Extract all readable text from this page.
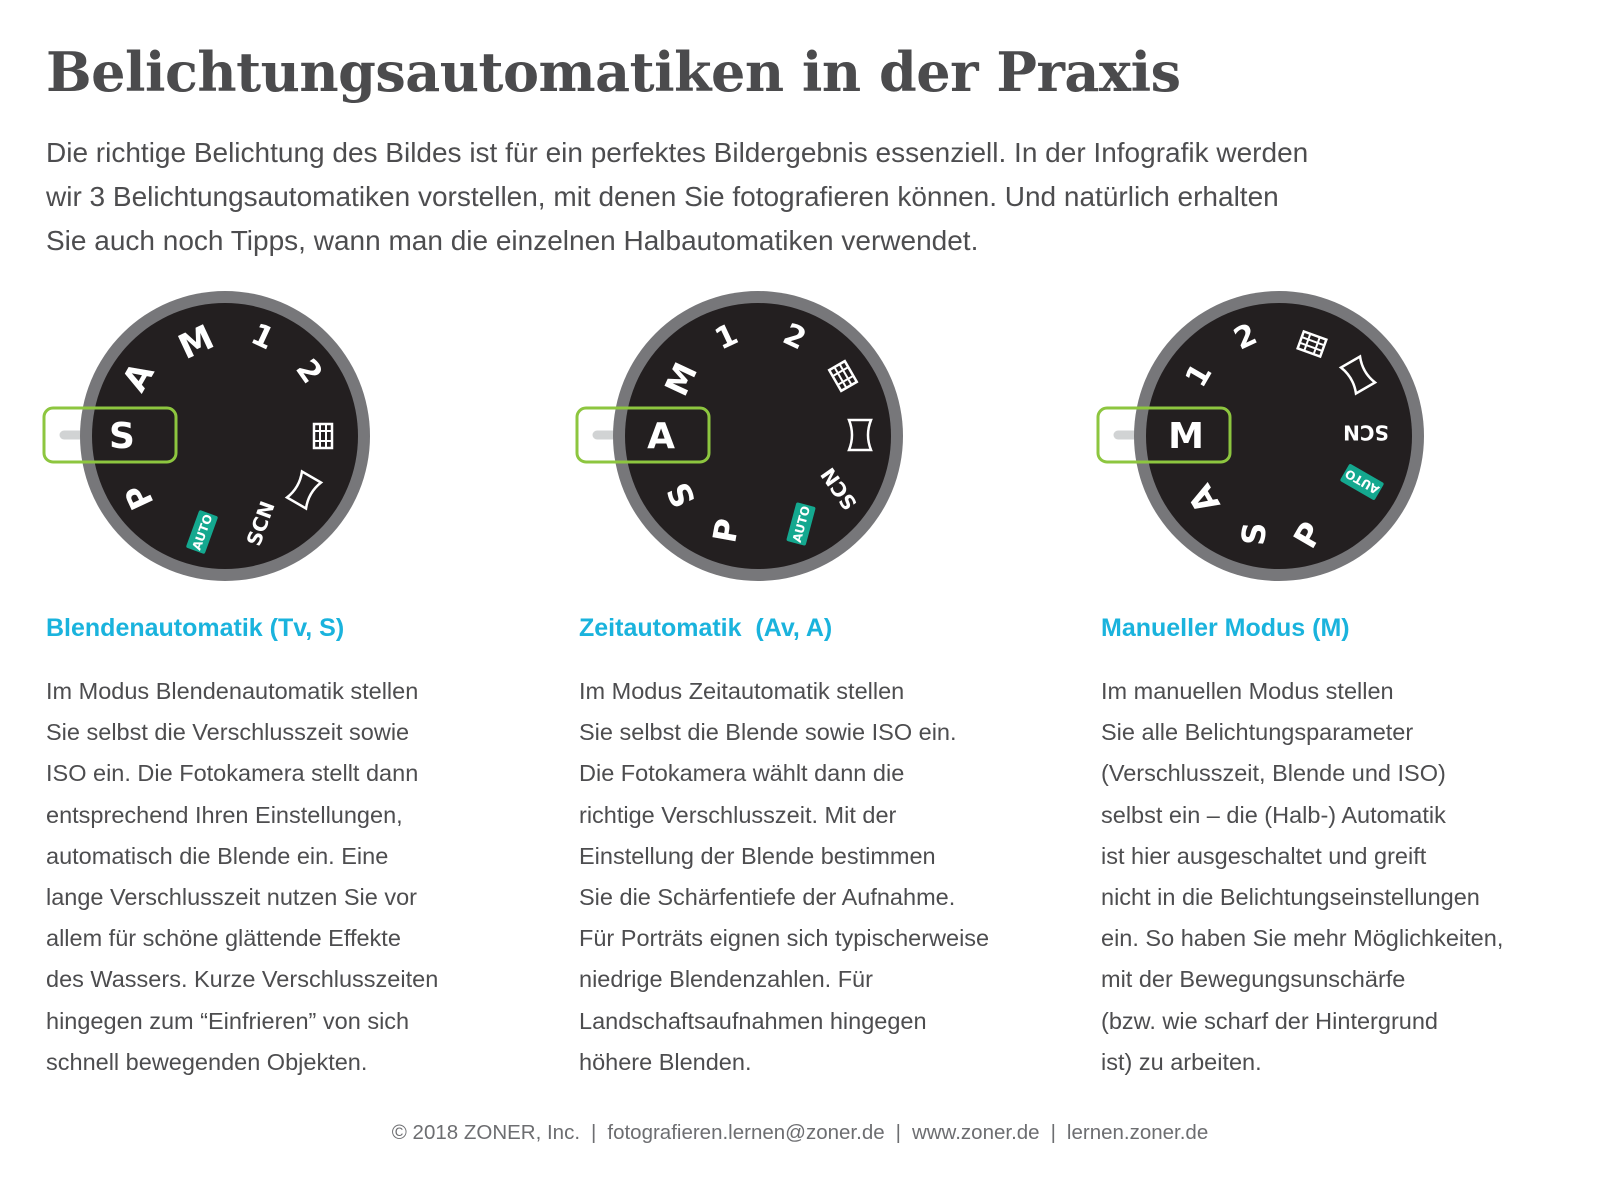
Belichtungsautomatiken in der Praxis

Die richtige Belichtung des Bildes ist für ein perfektes Bildergebnis essenziell. In der Infografik werden
wir 3 Belichtungsautomatiken vorstellen, mit denen Sie fotografieren können. Und natürlich erhalten
Sie auch noch Tipps, wann man die einzelnen Halbautomatiken verwendet.

S
A
M 1
2
P
SCN
AUTO
A
M
1 2
S
P
SCN
AUTO
M
1
2
A
S P
SCN
AUTO
Blendenautomatik (Tv, S)

Im Modus Blendenautomatik stellen
Sie selbst die Verschlusszeit sowie
ISO ein. Die Fotokamera stellt dann
entsprechend Ihren Einstellungen,
automatisch die Blende ein. Eine
lange Verschlusszeit nutzen Sie vor
allem für schöne glättende Effekte
des Wassers. Kurze Verschlusszeiten
hingegen zum “Einfrieren” von sich
schnell bewegenden Objekten.

Zeitautomatik  (Av, A)

Im Modus Zeitautomatik stellen
Sie selbst die Blende sowie ISO ein.
Die Fotokamera wählt dann die
richtige Verschlusszeit. Mit der
Einstellung der Blende bestimmen
Sie die Schärfentiefe der Aufnahme.
Für Porträts eignen sich typischerweise
niedrige Blendenzahlen. Für
Landschaftsaufnahmen hingegen
höhere Blenden.

Manueller Modus (M)

Im manuellen Modus stellen
Sie alle Belichtungsparameter
(Verschlusszeit, Blende und ISO)
selbst ein – die (Halb-) Automatik
ist hier ausgeschaltet und greift
nicht in die Belichtungseinstellungen
ein. So haben Sie mehr Möglichkeiten,
mit der Bewegungsunschärfe
(bzw. wie scharf der Hintergrund
ist) zu arbeiten.

© 2018 ZONER, Inc. | fotografieren.lernen@zoner.de | www.zoner.de | lernen.zoner.de
